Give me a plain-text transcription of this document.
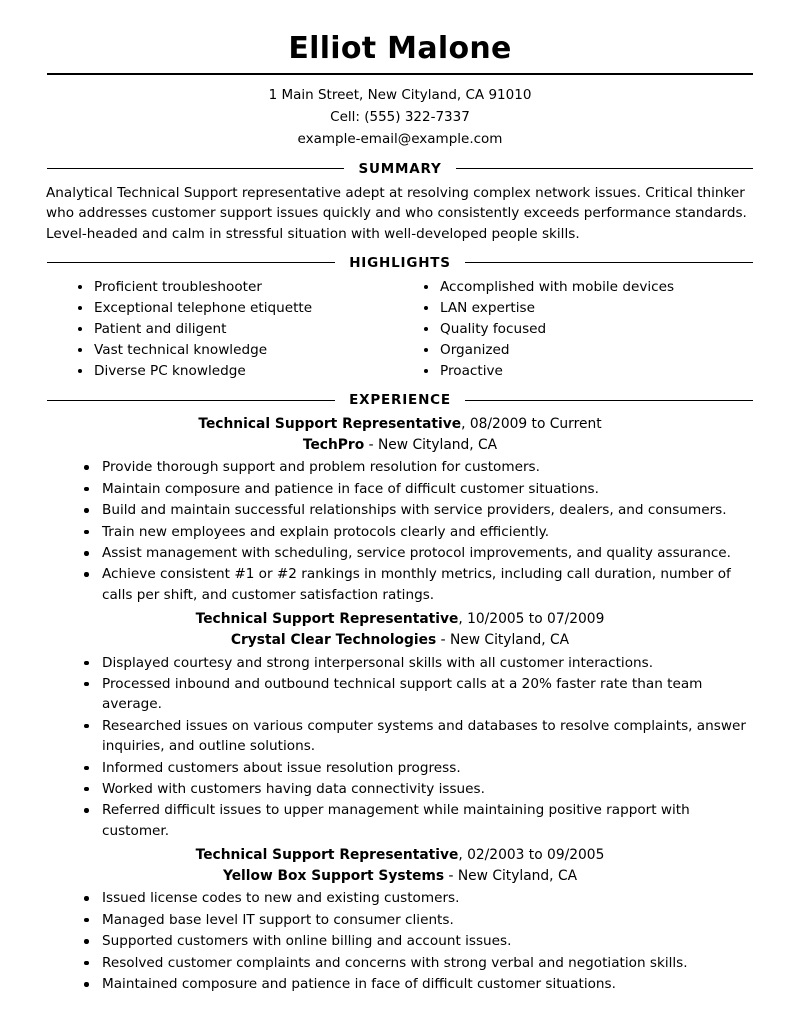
Elliot Malone
1 Main Street, New Cityland, CA 91010
Cell: (555) 322-7337
example-email@example.com
SUMMARY
Analytical Technical Support representative adept at resolving complex network issues. Critical thinker who addresses customer support issues quickly and who consistently exceeds performance standards. Level-headed and calm in stressful situation with well-developed people skills.
HIGHLIGHTS
Proficient troubleshooter
Exceptional telephone etiquette
Patient and diligent
Vast technical knowledge
Diverse PC knowledge
Accomplished with mobile devices
LAN expertise
Quality focused
Organized
Proactive
EXPERIENCE
Technical Support Representative, 08/2009 to Current
TechPro - New Cityland, CA
Provide thorough support and problem resolution for customers.
Maintain composure and patience in face of difficult customer situations.
Build and maintain successful relationships with service providers, dealers, and consumers.
Train new employees and explain protocols clearly and efficiently.
Assist management with scheduling, service protocol improvements, and quality assurance.
Achieve consistent #1 or #2 rankings in monthly metrics, including call duration, number of calls per shift, and customer satisfaction ratings.
Technical Support Representative, 10/2005 to 07/2009
Crystal Clear Technologies - New Cityland, CA
Displayed courtesy and strong interpersonal skills with all customer interactions.
Processed inbound and outbound technical support calls at a 20% faster rate than team average.
Researched issues on various computer systems and databases to resolve complaints, answer inquiries, and outline solutions.
Informed customers about issue resolution progress.
Worked with customers having data connectivity issues.
Referred difficult issues to upper management while maintaining positive rapport with customer.
Technical Support Representative, 02/2003 to 09/2005
Yellow Box Support Systems - New Cityland, CA
Issued license codes to new and existing customers.
Managed base level IT support to consumer clients.
Supported customers with online billing and account issues.
Resolved customer complaints and concerns with strong verbal and negotiation skills.
Maintained composure and patience in face of difficult customer situations.
